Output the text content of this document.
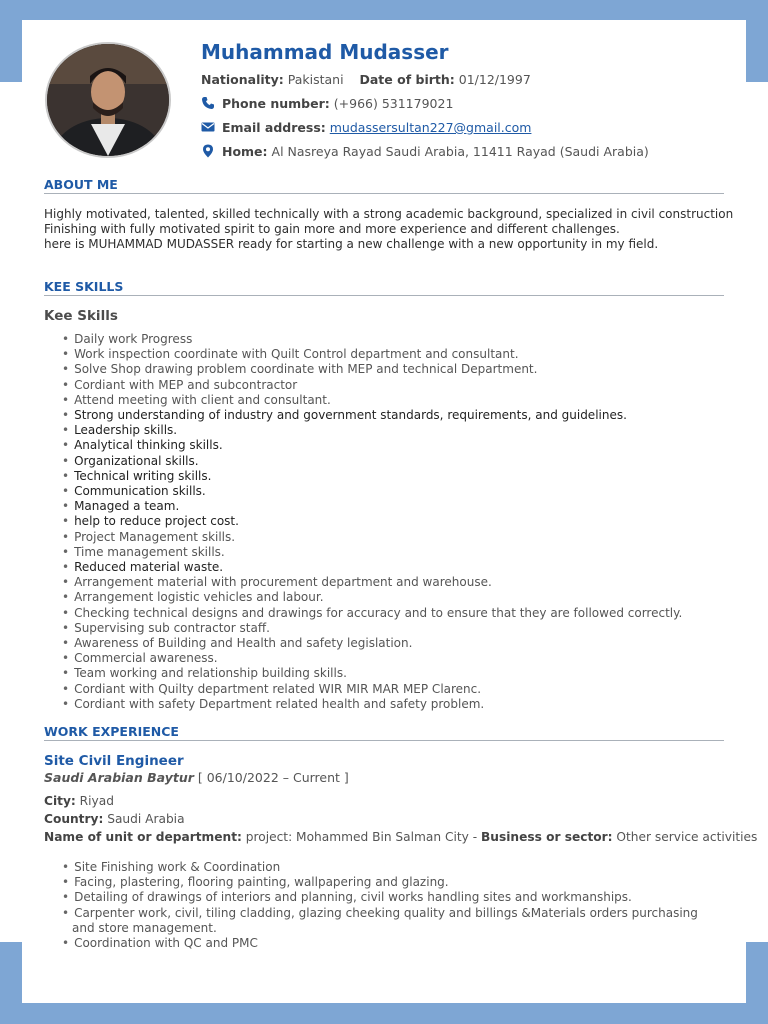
Muhammad Mudasser
Nationality: Pakistani Date of birth: 01/12/1997
Phone number: (+966) 531179021
Email address: mudassersultan227@gmail.com
Home: Al Nasreya Rayad Saudi Arabia, 11411 Rayad (Saudi Arabia)
ABOUT ME

Highly motivated, talented, skilled technically with a strong academic background, specialized in civil construction

Finishing with fully motivated spirit to gain more and more experience and different challenges.

here is MUHAMMAD MUDASSER ready for starting a new challenge with a new opportunity in my field.

KEE SKILLS
Kee Skills
• Daily work Progress
• Work inspection coordinate with Quilt Control department and consultant.
• Solve Shop drawing problem coordinate with MEP and technical Department.
• Cordiant with MEP and subcontractor
• Attend meeting with client and consultant.
• Strong understanding of industry and government standards, requirements, and guidelines.
• Leadership skills.
• Analytical thinking skills.
• Organizational skills.
• Technical writing skills.
• Communication skills.
• Managed a team.
• help to reduce project cost.
• Project Management skills.
• Time management skills.
• Reduced material waste.
• Arrangement material with procurement department and warehouse.
• Arrangement logistic vehicles and labour.
• Checking technical designs and drawings for accuracy and to ensure that they are followed correctly.
• Supervising sub contractor staff.
• Awareness of Building and Health and safety legislation.
• Commercial awareness.
• Team working and relationship building skills.
• Cordiant with Quilty department related WIR MIR MAR MEP Clarenc.
• Cordiant with safety Department related health and safety problem.
WORK EXPERIENCE
Site Civil Engineer
Saudi Arabian Baytur [ 06/10/2022 – Current ]
City: Riyad
Country: Saudi Arabia
Name of unit or department: project: Mohammed Bin Salman City - Business or sector: Other service activities
• Site Finishing work & Coordination
• Facing, plastering, flooring painting, wallpapering and glazing.
• Detailing of drawings of interiors and planning, civil works handling sites and workmanships.
• Carpenter work, civil, tiling cladding, glazing cheeking quality and billings &Materials orders purchasing and store management.
• Coordination with QC and PMC
